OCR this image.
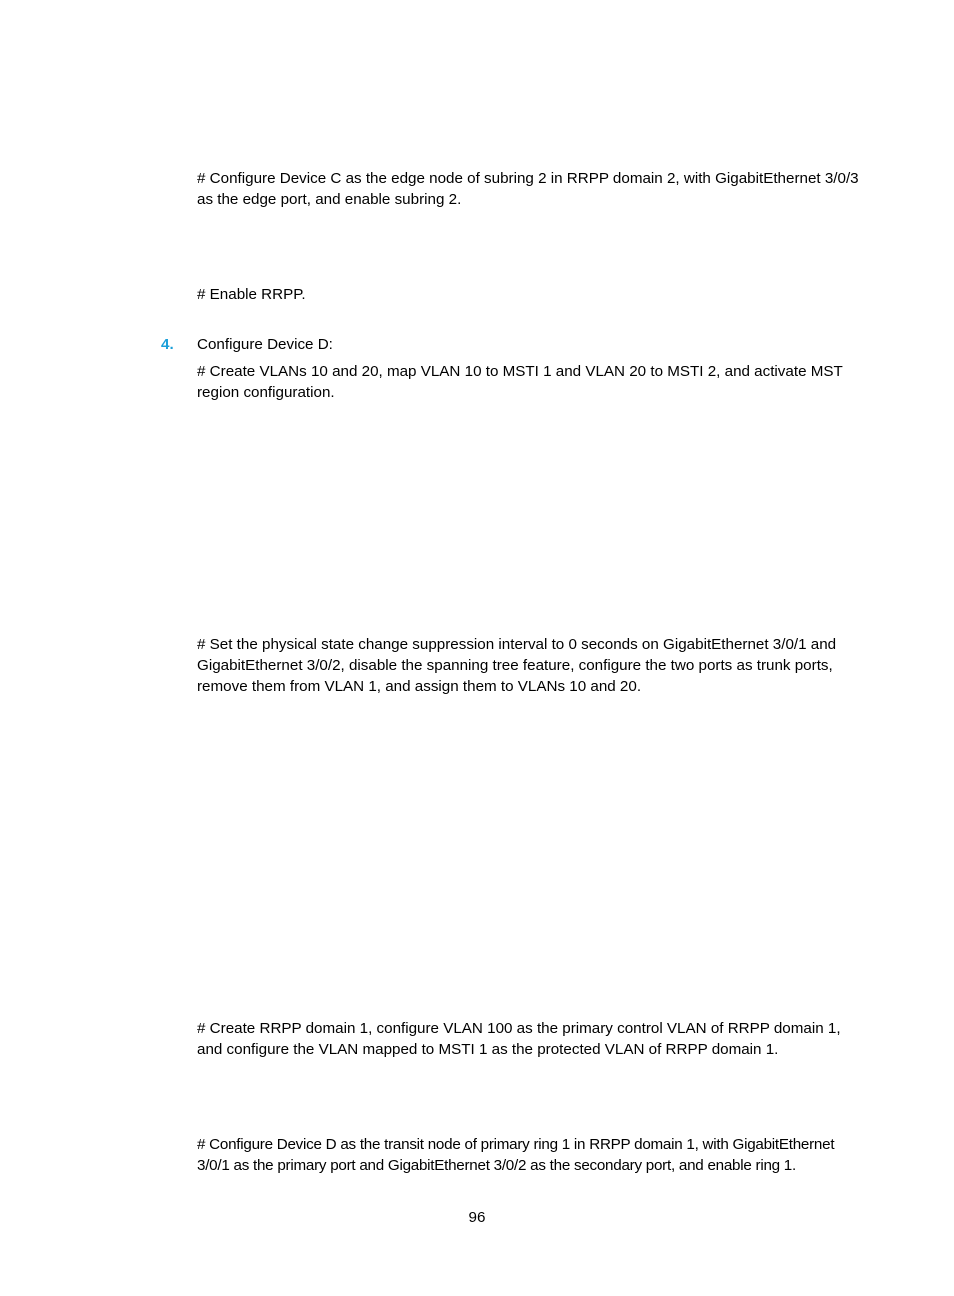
# Configure Device C as the edge node of subring 2 in RRPP domain 2, with GigabitEthernet 3/0/3 as the edge port, and enable subring 2.

# Enable RRPP.

4. Configure Device D:

# Create VLANs 10 and 20, map VLAN 10 to MSTI 1 and VLAN 20 to MSTI 2, and activate MST region configuration.

# Set the physical state change suppression interval to 0 seconds on GigabitEthernet 3/0/1 and GigabitEthernet 3/0/2, disable the spanning tree feature, configure the two ports as trunk ports, remove them from VLAN 1, and assign them to VLANs 10 and 20.

# Create RRPP domain 1, configure VLAN 100 as the primary control VLAN of RRPP domain 1, and configure the VLAN mapped to MSTI 1 as the protected VLAN of RRPP domain 1.

# Configure Device D as the transit node of primary ring 1 in RRPP domain 1, with GigabitEthernet 3/0/1 as the primary port and GigabitEthernet 3/0/2 as the secondary port, and enable ring 1.

96
